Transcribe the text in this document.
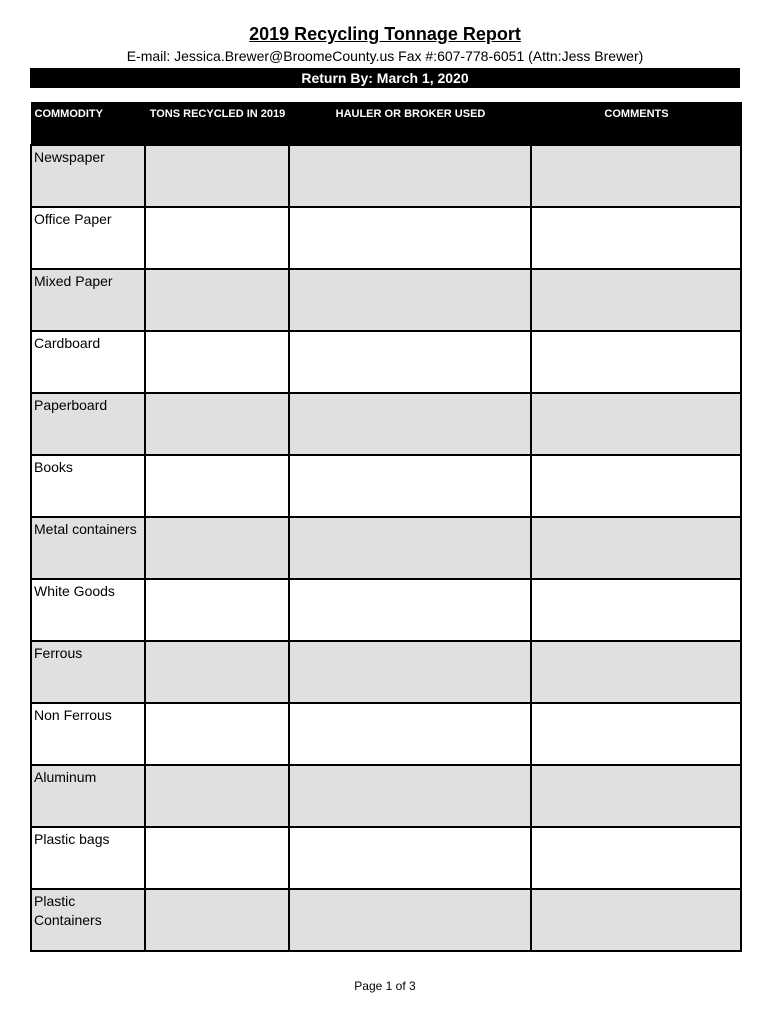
2019 Recycling Tonnage Report
E-mail: Jessica.Brewer@BroomeCounty.us Fax #:607-778-6051 (Attn:Jess Brewer)
Return By: March 1, 2020
COMMODITY	TONS RECYCLED IN 2019	HAULER OR BROKER USED	COMMENTS
Newspaper			
Office Paper			
Mixed Paper			
Cardboard			
Paperboard			
Books			
Metal containers			
White Goods			
Ferrous			
Non Ferrous			
Aluminum			
Plastic bags			
Plastic Containers			
Page 1 of 3
